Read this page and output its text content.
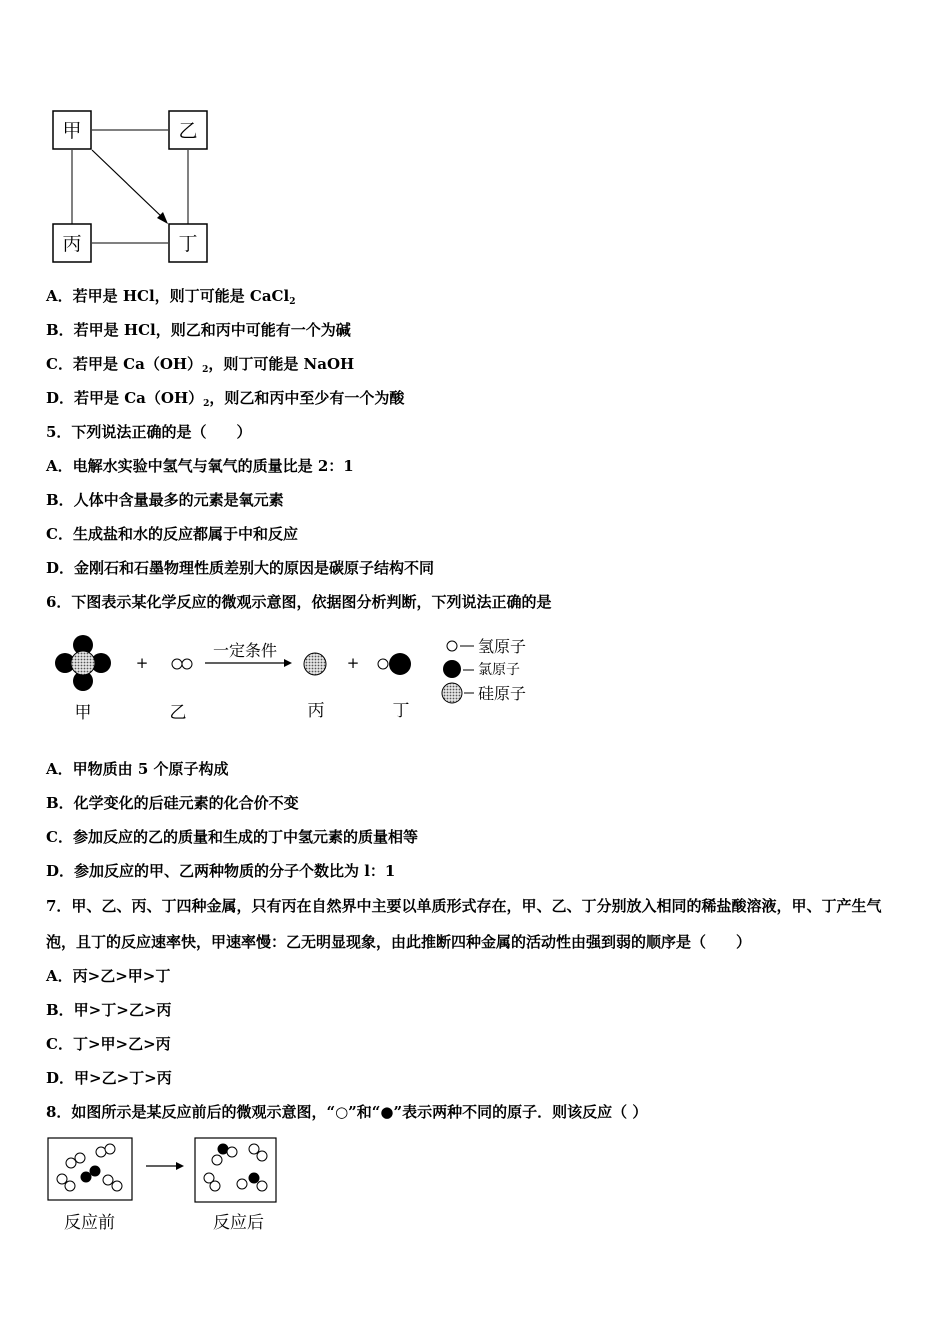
甲	乙
丙	丁
A．若甲是 HCl，则丁可能是 CaCl$_2$
B．若甲是 HCl，则乙和丙中可能有一个为碱
C．若甲是 $Ca(OH)_2$，则丁可能是 NaOH
D．若甲是 $Ca(OH)_2$，则乙和丙中至少有一个为酸
5．下列说法正确的是（　　）
A．电解水实验中氢气与氧气的质量比是 2：1
B．人体中含量最多的元素是氧元素
C．生成盐和水的反应都属于中和反应
D．金刚石和石墨物理性质差别大的原因是碳原子结构不同
6．下图表示某化学反应的微观示意图，依据图分析判断，下列说法正确的是
+
一定条件
+
氢原子
氯原子
硅原子
甲	乙	丙	丁
A．甲物质由 5 个原子构成
B．化学变化的后硅元素的化合价不变
C．参加反应的乙的质量和生成的丁中氢元素的质量相等
D．参加反应的甲、乙两种物质的分子个数比为 l：1
7．甲、乙、丙、丁四种金属，只有丙在自然界中主要以单质形式存在，甲、乙、丁分别放入相同的稀盐酸溶液，甲、丁产生气泡，且丁的反应速率快，甲速率慢：乙无明显现象，由此推断四种金属的活动性由强到弱的顺序是（　　）
A．丙>乙>甲>丁
B．甲>丁>乙>丙
C．丁>甲>乙>丙
D．甲>乙>丁>丙
8．如图所示是某反应前后的微观示意图，“○”和“●”表示两种不同的原子．则该反应（ ）
反应前	反应后
